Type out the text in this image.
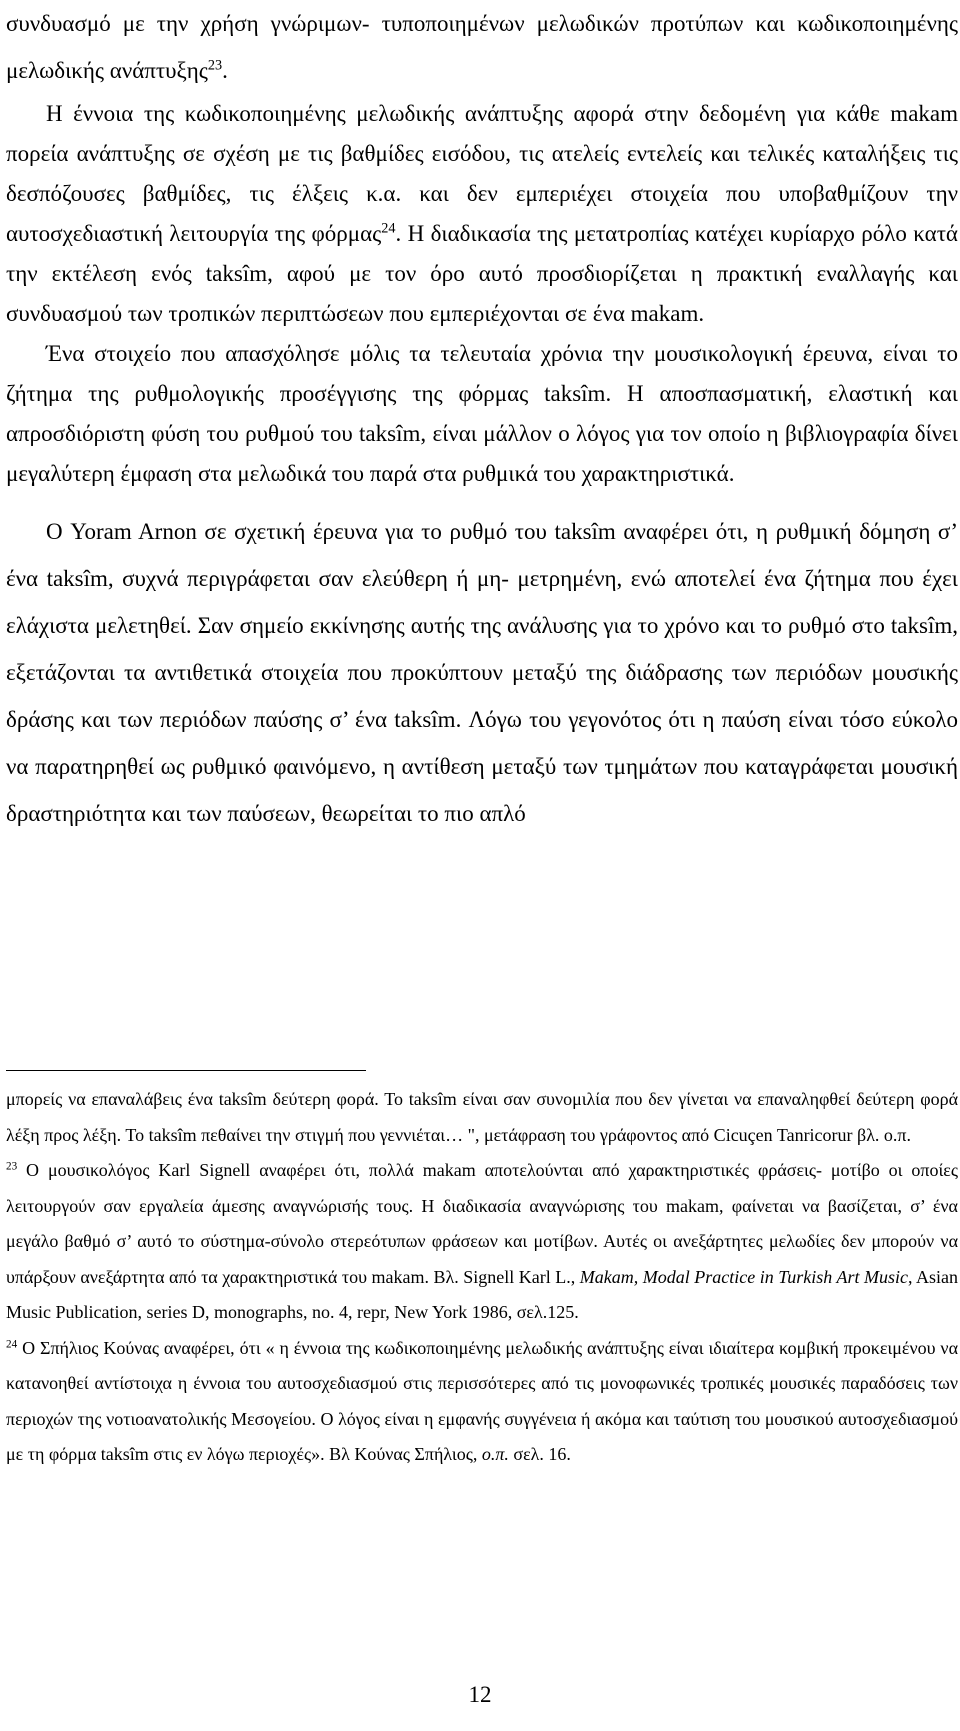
συνδυασμό με την χρήση γνώριμων- τυποποιημένων μελωδικών προτύπων και κωδικοποιημένης μελωδικής ανάπτυξης$^{23}$.

Η έννοια της κωδικοποιημένης μελωδικής ανάπτυξης αφορά στην δεδομένη για κάθε makam πορεία ανάπτυξης σε σχέση με τις βαθμίδες εισόδου, τις ατελείς εντελείς και τελικές καταλήξεις τις δεσπόζουσες βαθμίδες, τις έλξεις κ.α. και δεν εμπεριέχει στοιχεία που υποβαθμίζουν την αυτοσχεδιαστική λειτουργία της φόρμας$^{24}$. Η διαδικασία της μετατροπίας κατέχει κυρίαρχο ρόλο κατά την εκτέλεση ενός taksîm, αφού με τον όρο αυτό προσδιορίζεται η πρακτική εναλλαγής και συνδυασμού των τροπικών περιπτώσεων που εμπεριέχονται σε ένα makam.

Ένα στοιχείο που απασχόλησε μόλις τα τελευταία χρόνια την μουσικολογική έρευνα, είναι το ζήτημα της ρυθμολογικής προσέγγισης της φόρμας taksîm. Η αποσπασματική, ελαστική και απροσδιόριστη φύση του ρυθμού του taksîm, είναι μάλλον ο λόγος για τον οποίο η βιβλιογραφία δίνει μεγαλύτερη έμφαση στα μελωδικά του παρά στα ρυθμικά του χαρακτηριστικά.

Ο Yoram Arnon σε σχετική έρευνα για το ρυθμό του taksîm αναφέρει ότι, η ρυθμική δόμηση σ’ ένα taksîm, συχνά περιγράφεται σαν ελεύθερη ή μη- μετρημένη, ενώ αποτελεί ένα ζήτημα που έχει ελάχιστα μελετηθεί. Σαν σημείο εκκίνησης αυτής της ανάλυσης για το χρόνο και το ρυθμό στο taksîm, εξετάζονται τα αντιθετικά στοιχεία που προκύπτουν μεταξύ της διάδρασης των περιόδων μουσικής δράσης και των περιόδων παύσης σ’ ένα taksîm. Λόγω του γεγονότος ότι η παύση είναι τόσο εύκολο να παρατηρηθεί ως ρυθμικό φαινόμενο, η αντίθεση μεταξύ των τμημάτων που καταγράφεται μουσική δραστηριότητα και των παύσεων, θεωρείται το πιο απλό

μπορείς να επαναλάβεις ένα taksîm δεύτερη φορά. Το taksîm είναι σαν συνομιλία που δεν γίνεται να επαναληφθεί δεύτερη φορά λέξη προς λέξη. Το taksîm πεθαίνει την στιγμή που γεννιέται… ", μετάφραση του γράφοντος από Cicuçen Tanricorur βλ. ο.π.

$^{23}$ Ο μουσικολόγος Karl Signell αναφέρει ότι, πολλά makam αποτελούνται από χαρακτηριστικές φράσεις- μοτίβο οι οποίες λειτουργούν σαν εργαλεία άμεσης αναγνώρισής τους. Η διαδικασία αναγνώρισης του makam, φαίνεται να βασίζεται, σ’ ένα μεγάλο βαθμό σ’ αυτό το σύστημα-σύνολο στερεότυπων φράσεων και μοτίβων. Αυτές οι ανεξάρτητες μελωδίες δεν μπορούν να υπάρξουν ανεξάρτητα από τα χαρακτηριστικά του makam. Βλ. Signell Karl L., Makam, Modal Practice in Turkish Art Music, Asian Music Publication, series D, monographs, no. 4, repr, New York 1986, σελ.125.

$^{24}$ Ο Σπήλιος Κούνας αναφέρει, ότι « η έννοια της κωδικοποιημένης μελωδικής ανάπτυξης είναι ιδιαίτερα κομβική προκειμένου να κατανοηθεί αντίστοιχα η έννοια του αυτοσχεδιασμού στις περισσότερες από τις μονοφωνικές τροπικές μουσικές παραδόσεις των περιοχών της νοτιοανατολικής Μεσογείου. Ο λόγος είναι η εμφανής συγγένεια ή ακόμα και ταύτιση του μουσικού αυτοσχεδιασμού με τη φόρμα taksîm στις εν λόγω περιοχές». Βλ Κούνας Σπήλιος, ο.π. σελ. 16.

12
